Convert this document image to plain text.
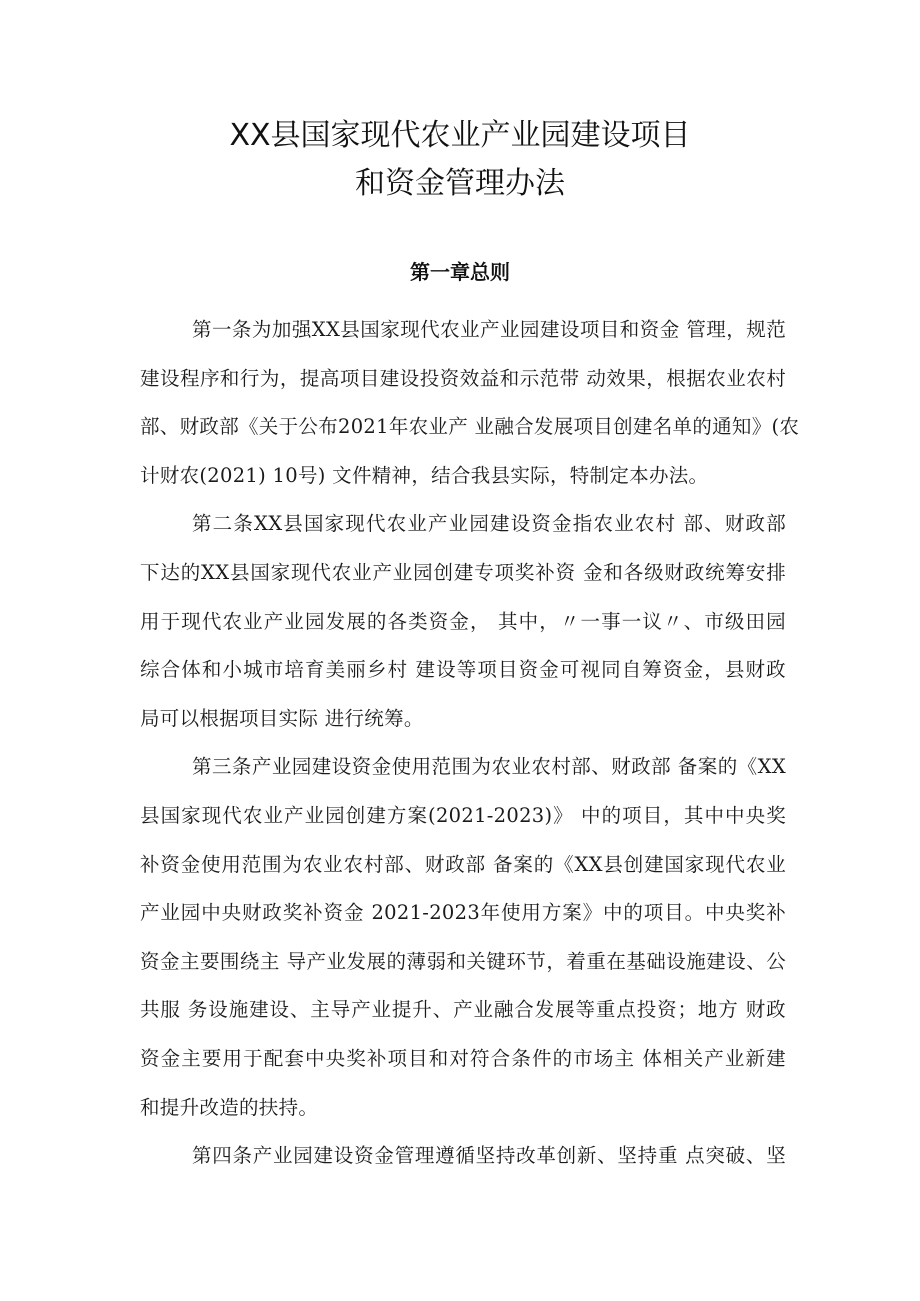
XX县国家现代农业产业园建设项目
和资金管理办法
第一章总则
第一条为加强XX县国家现代农业产业园建设项目和资金 管理，规范
建设程序和行为，提高项目建设投资效益和示范带 动效果，根据农业农村
部、财政部《关于公布2021年农业产 业融合发展项目创建名单的通知》(农
计财农(2021) 10号) 文件精神，结合我县实际，特制定本办法。
第二条XX县国家现代农业产业园建设资金指农业农村 部、财政部
下达的XX县国家现代农业产业园创建专项奖补资 金和各级财政统筹安排
用于现代农业产业园发展的各类资金， 其中，〃一事一议〃、市级田园
综合体和小城市培育美丽乡村 建设等项目资金可视同自筹资金，县财政
局可以根据项目实际 进行统筹。
第三条产业园建设资金使用范围为农业农村部、财政部 备案的《XX
县国家现代农业产业园创建方案(2021-2023)》 中的项目，其中中央奖
补资金使用范围为农业农村部、财政部 备案的《XX县创建国家现代农业
产业园中央财政奖补资金 2021-2023年使用方案》中的项目。中央奖补
资金主要围绕主 导产业发展的薄弱和关键环节，着重在基础设施建设、公
共服 务设施建设、主导产业提升、产业融合发展等重点投资；地方 财政
资金主要用于配套中央奖补项目和对符合条件的市场主 体相关产业新建
和提升改造的扶持。
第四条产业园建设资金管理遵循坚持改革创新、坚持重 点突破、坚
